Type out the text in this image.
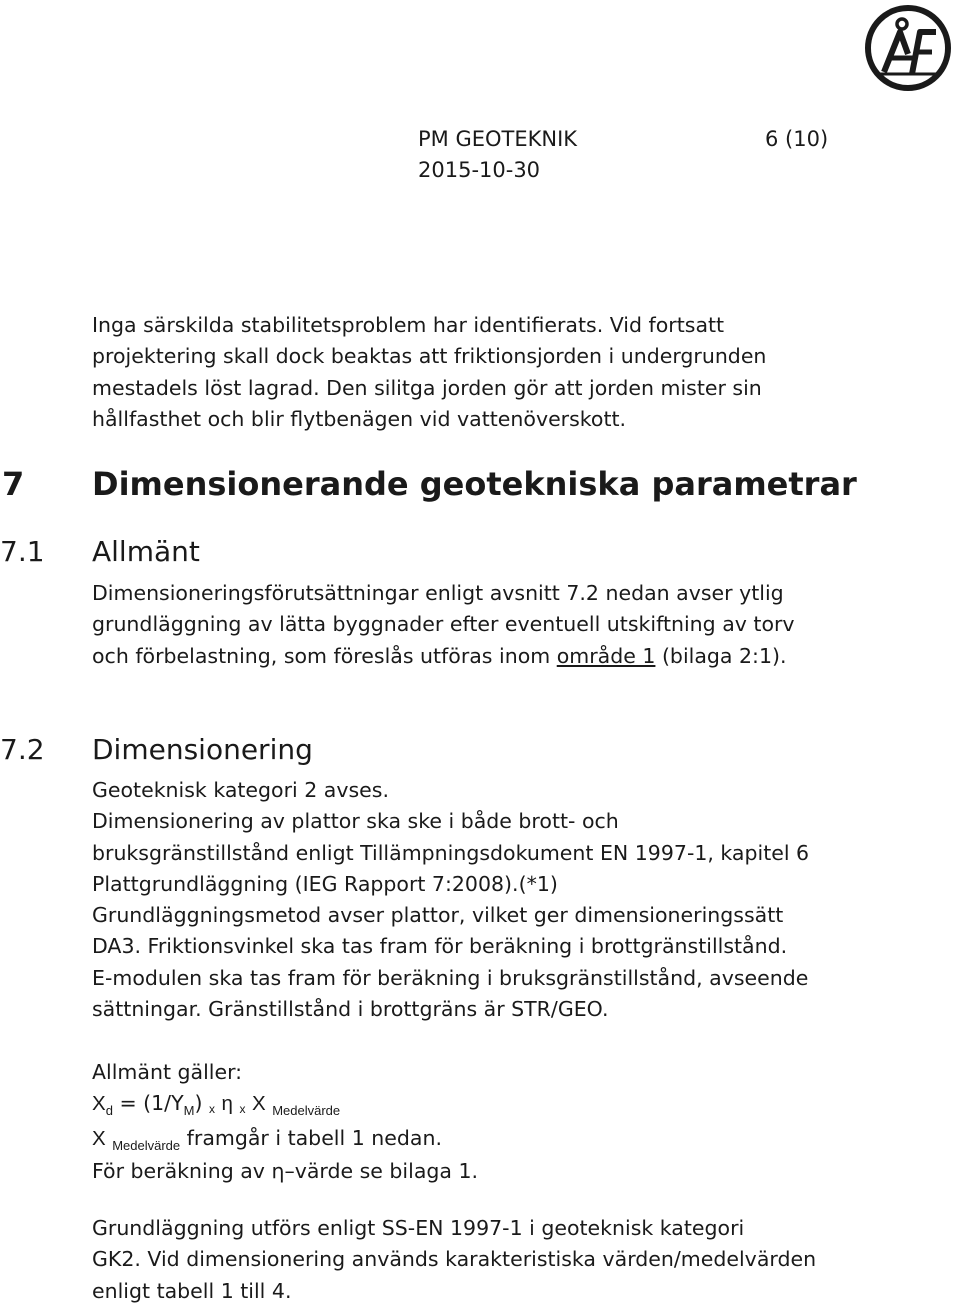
PM GEOTEKNIK	6 (10)
2015-10-30
Inga särskilda stabilitetsproblem har identifierats. Vid fortsatt
projektering skall dock beaktas att friktionsjorden i undergrunden
mestadels löst lagrad. Den silitga jorden gör att jorden mister sin
hållfasthet och blir flytbenägen vid vattenöverskott.
7 Dimensionerande geotekniska parametrar
7.1 Allmänt
Dimensioneringsförutsättningar enligt avsnitt 7.2 nedan avser ytlig
grundläggning av lätta byggnader efter eventuell utskiftning av torv
och förbelastning, som föreslås utföras inom område 1 (bilaga 2:1).
7.2 Dimensionering
Geoteknisk kategori 2 avses.
Dimensionering av plattor ska ske i både brott- och
bruksgränstillstånd enligt Tillämpningsdokument EN 1997-1, kapitel 6
Plattgrundläggning (IEG Rapport 7:2008).(*1)
Grundläggningsmetod avser plattor, vilket ger dimensioneringssätt
DA3. Friktionsvinkel ska tas fram för beräkning i brottgränstillstånd.
E-modulen ska tas fram för beräkning i bruksgränstillstånd, avseende
sättningar. Gränstillstånd i brottgräns är STR/GEO.
Allmänt gäller:
$X_d = (1/Y_M)$ x η x X $_{Medelvärde}$
X $_{Medelvärde}$ framgår i tabell 1 nedan.
För beräkning av η–värde se bilaga 1.
Grundläggning utförs enligt SS-EN 1997-1 i geoteknisk kategori
GK2. Vid dimensionering används karakteristiska värden/medelvärden
enligt tabell 1 till 4.
